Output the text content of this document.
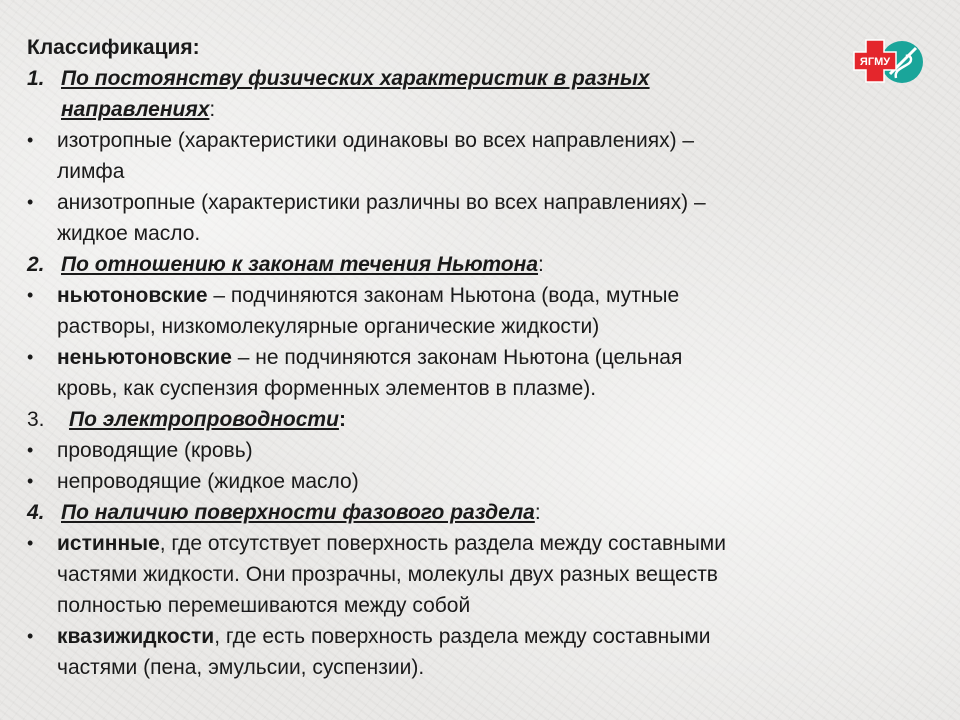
ЯГМУ
Классификация:
1. По постоянству физических характеристик в разных
направлениях:
• изотропные (характеристики одинаковы во всех направлениях) –
лимфа
• анизотропные (характеристики различны во всех направлениях) –
жидкое масло.
2. По отношению к законам течения Ньютона:
• ньютоновские – подчиняются законам Ньютона (вода, мутные
растворы, низкомолекулярные органические жидкости)
• неньютоновские – не подчиняются законам Ньютона (цельная
кровь, как суспензия форменных элементов в плазме).
3. По электропроводности:
• проводящие (кровь)
• непроводящие (жидкое масло)
4. По наличию поверхности фазового раздела:
• истинные, где отсутствует поверхность раздела между составными
частями жидкости. Они прозрачны, молекулы двух разных веществ
полностью перемешиваются между собой
• квазижидкости, где есть поверхность раздела между составными
частями (пена, эмульсии, суспензии).
